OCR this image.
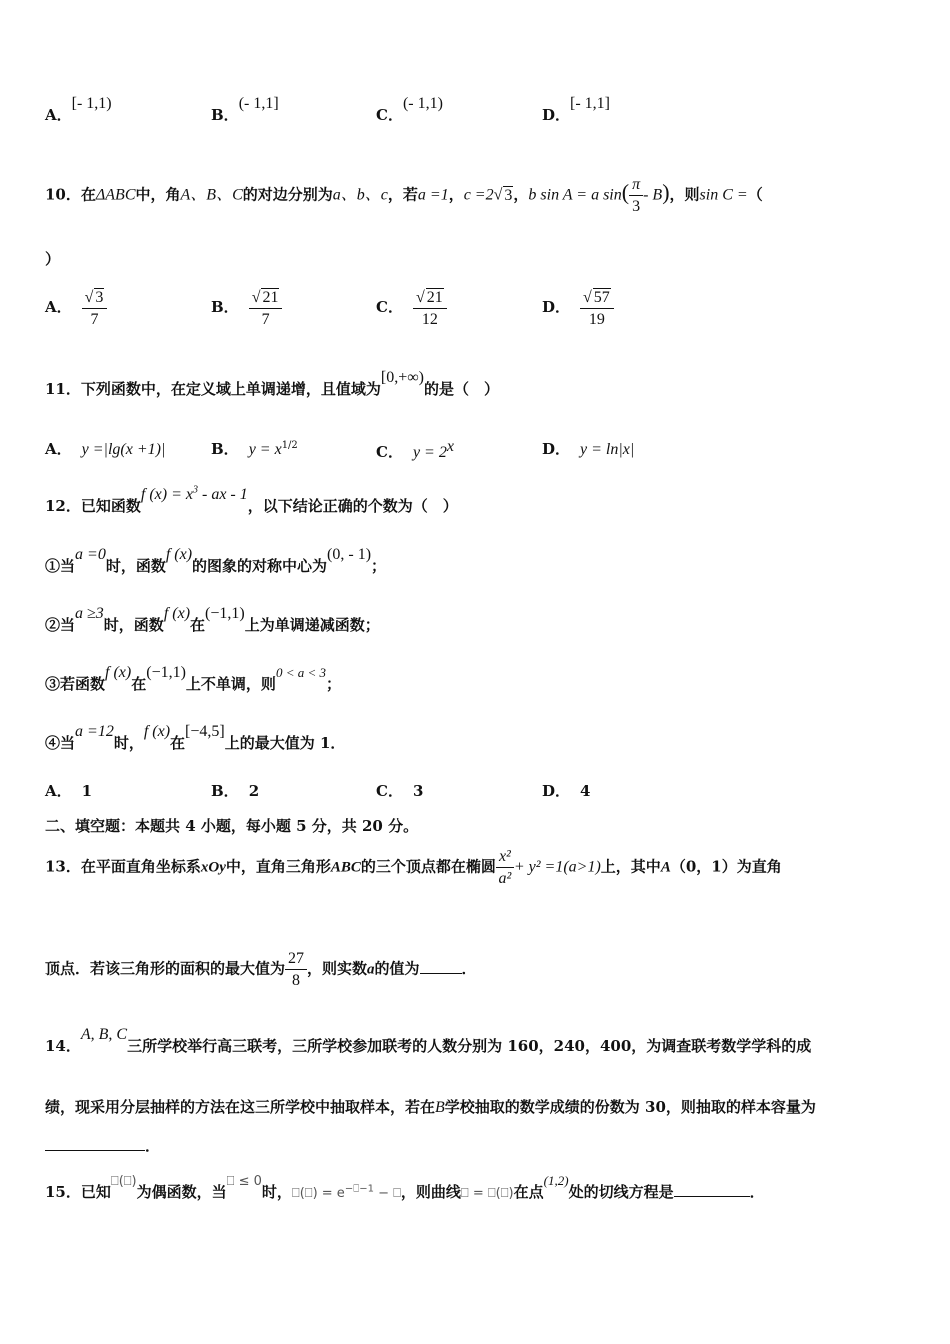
A．[- 1,1)
B．(- 1,1]
C．(- 1,1)
D．[- 1,1]
10．在ΔABC中，角A、B、C的对边分别为a、b、c，若a =1，c =2√ 3，b sin A = a $\sin( \frac{\pi}{3} - B)$，则sin C =（
）
A． $\frac{√ 3}{7}$	B． $\frac{√ 21}{7}$	C． $\frac{√ 21}{12}$	D． $\frac{√ 57}{19}$
11．下列函数中，在定义域上单调递增，且值域为[0,+∞)的是（　）
A． y =|lg(x +1)|	B． $y = x^{1/2}$	C． $y = 2^x$	D． y = ln|x|
12．已知函数f $(x) = x^3$ - ax - 1，以下结论正确的个数为（　）
①当a =0时，函数f (x)的图象的对称中心为(0, - 1)；
②当a ≥3时，函数f (x)在(−1,1)上为单调递减函数；
③若函数f (x)在(−1,1)上不单调，则0 < a < 3；
④当a =12时，f (x)在[−4,5]上的最大值为 1．
A． 1	B． 2	C． 3	D． 4
二、填空题：本题共 4 小题，每小题 5 分，共 20 分。
13．在平面直角坐标系xOy中，直角三角形ABC的三个顶点都在椭圆 $\frac{\text{x²}}{\text{a²}} + y^2 =1(a>1)$上，其中A（0，1）为直角
顶点．若该三角形的面积的最大值为 $\frac{27}{8}$ ，则实数a的值为	．
14．A, B, C三所学校举行高三联考，三所学校参加联考的人数分别为 160，240，400，为调查联考数学学科的成
绩，现采用分层抽样的方法在这三所学校中抽取样本，若在B学校抽取的数学成绩的份数为 30，则抽取的样本容量为
．
15．已知⎕(⎕)为偶函数，当⎕ ≤ 0时，⎕(⎕) = $e^{-⎕-1}$ − ⎕，则曲线⎕ = ⎕(⎕)在点(1,2)处的切线方程是	．
